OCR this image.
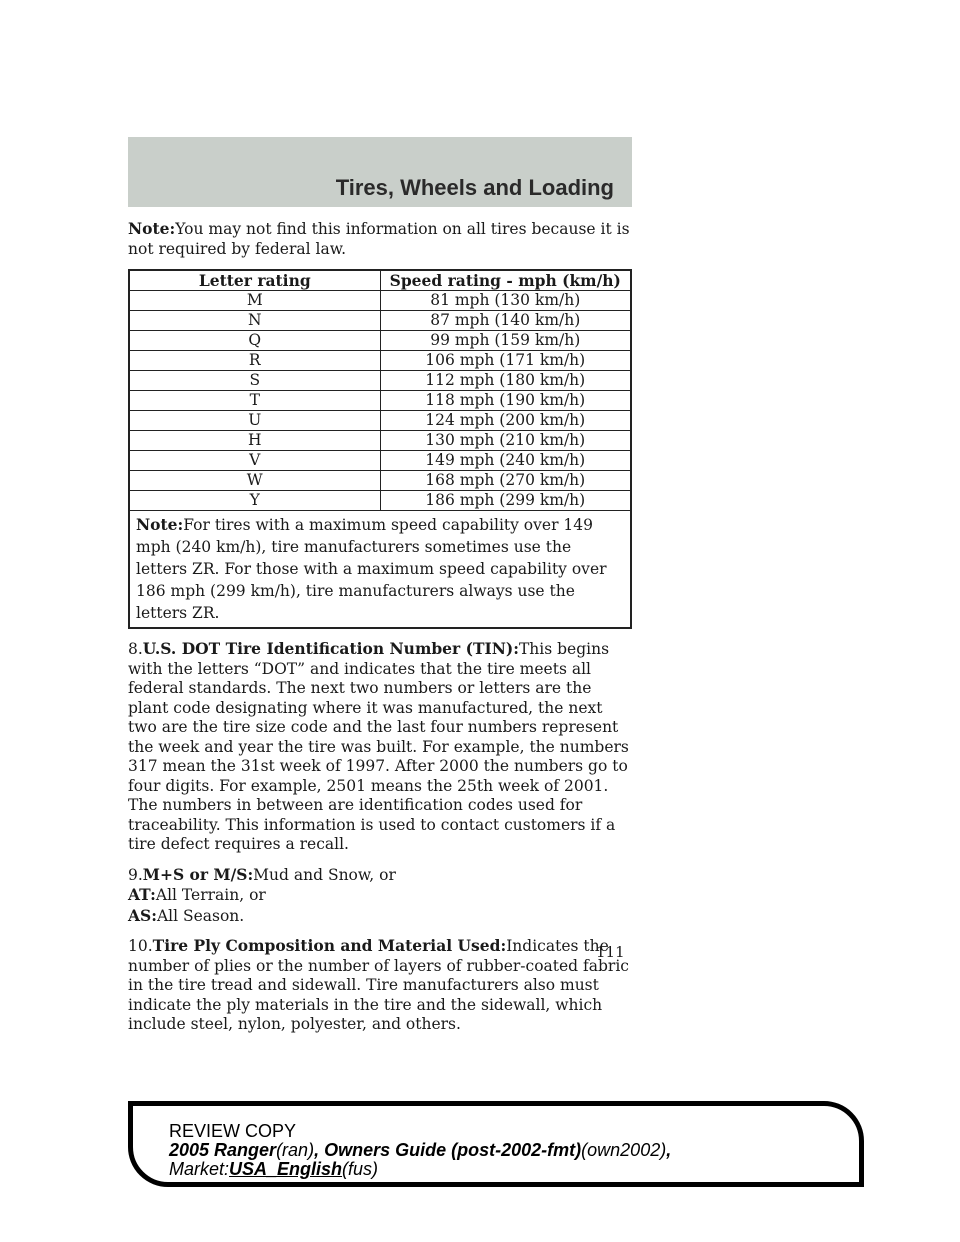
Tires, Wheels and Loading

Note:You may not find this information on all tires because it is not required by federal law.

Letter rating	Speed rating - mph (km/h)
M	81 mph (130 km/h)
N	87 mph (140 km/h)
Q	99 mph (159 km/h)
R	106 mph (171 km/h)
S	112 mph (180 km/h)
T	118 mph (190 km/h)
U	124 mph (200 km/h)
H	130 mph (210 km/h)
V	149 mph (240 km/h)
W	168 mph (270 km/h)
Y	186 mph (299 km/h)
Note:For tires with a maximum speed capability over 149 mph (240 km/h), tire manufacturers sometimes use the letters ZR. For those with a maximum speed capability over 186 mph (299 km/h), tire manufacturers always use the letters ZR.	

8.U.S. DOT Tire Identification Number (TIN):This begins with the letters “DOT” and indicates that the tire meets all federal standards. The next two numbers or letters are the plant code designating where it was manufactured, the next two are the tire size code and the last four numbers represent the week and year the tire was built. For example, the numbers 317 mean the 31st week of 1997. After 2000 the numbers go to four digits. For example, 2501 means the 25th week of 2001. The numbers in between are identification codes used for traceability. This information is used to contact customers if a tire defect requires a recall.

9.M+S or M/S:Mud and Snow, or
AT:All Terrain, or
AS:All Season.

10.Tire Ply Composition and Material Used:Indicates the number of plies or the number of layers of rubber-coated fabric in the tire tread and sidewall. Tire manufacturers also must indicate the ply materials in the tire and the sidewall, which include steel, nylon, polyester, and others.

111
REVIEW COPY
2005 Ranger(ran), Owners Guide (post-2002-fmt)(own2002),
Market:USA_English(fus)
